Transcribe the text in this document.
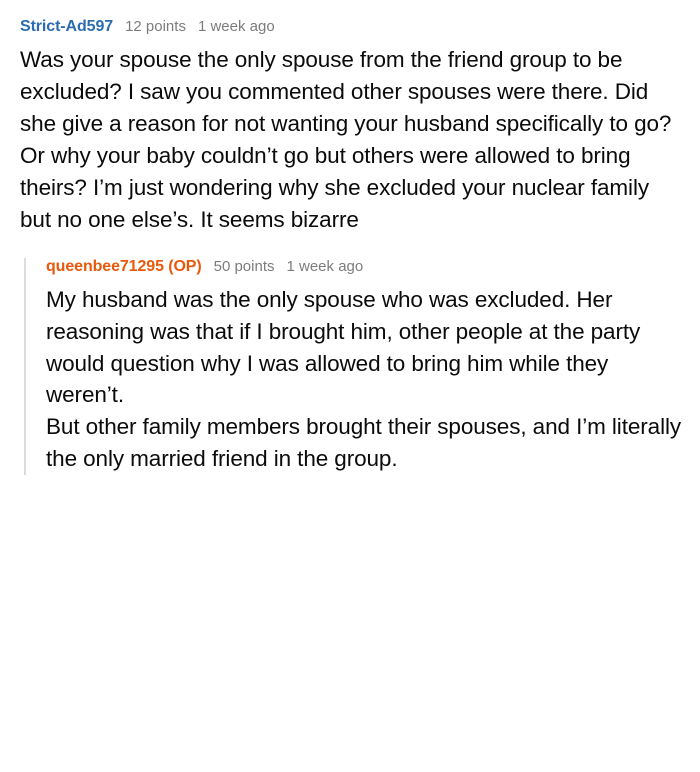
Strict-Ad597 12 points 1 week ago

Was your spouse the only spouse from the friend group to be excluded? I saw you commented other spouses were there. Did she give a reason for not wanting your husband specifically to go? Or why your baby couldn’t go but others were allowed to bring theirs? I’m just wondering why she excluded your nuclear family but no one else’s. It seems bizarre

queenbee71295 (OP) 50 points 1 week ago

My husband was the only spouse who was excluded. Her reasoning was that if I brought him, other people at the party would question why I was allowed to bring him while they weren’t.

But other family members brought their spouses, and I’m literally the only married friend in the group.
